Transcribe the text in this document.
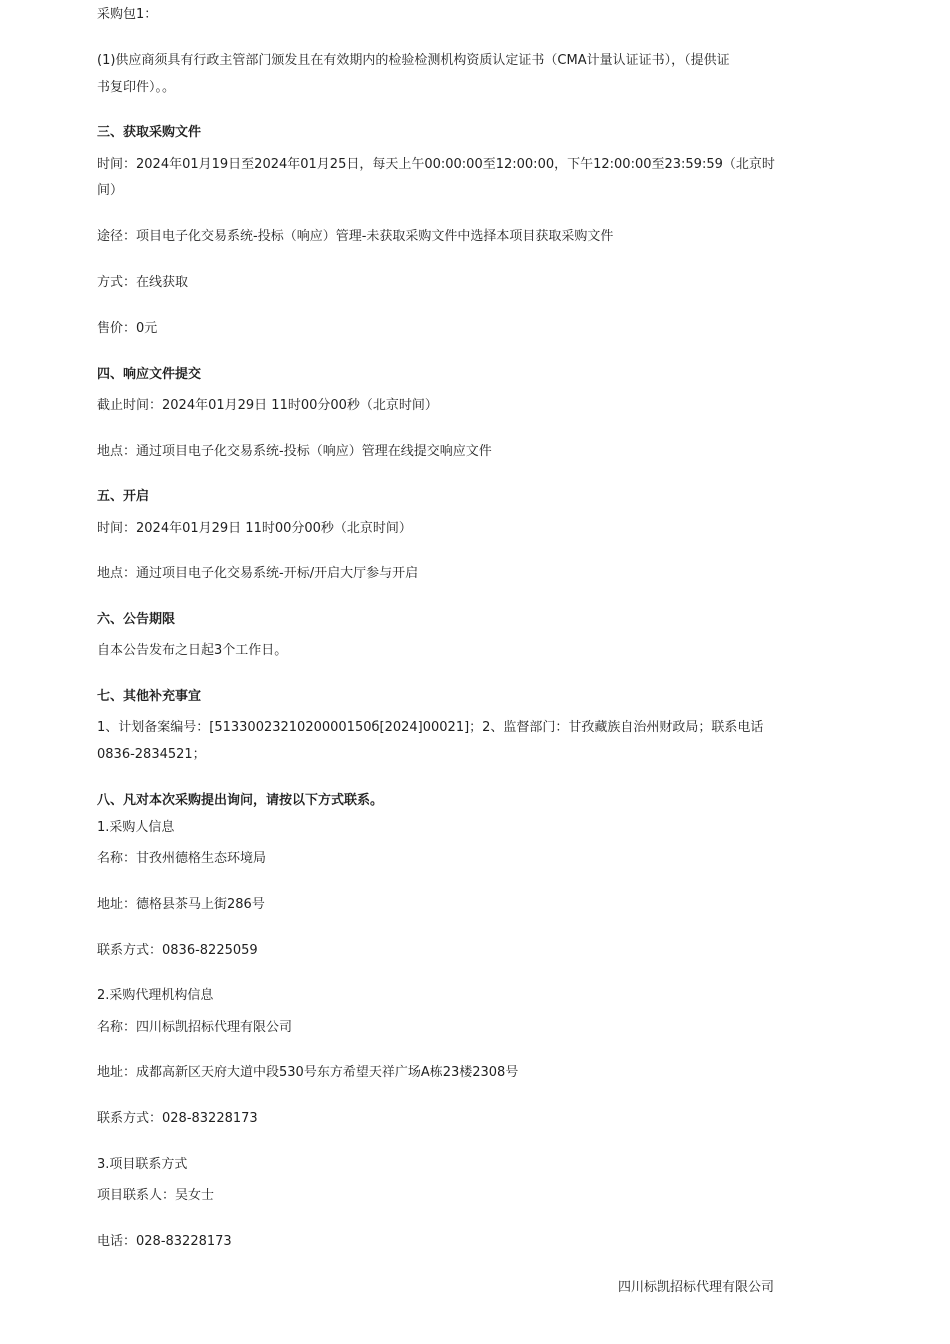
采购包1：
(1)供应商须具有行政主管部门颁发且在有效期内的检验检测机构资质认定证书（CMA计量认证证书），（提供证
书复印件）。。
三、获取采购文件
时间：2024年01月19日至2024年01月25日，每天上午00:00:00至12:00:00，下午12:00:00至23:59:59（北京时
间）
途径：项目电子化交易系统-投标（响应）管理-未获取采购文件中选择本项目获取采购文件
方式：在线获取
售价：0元
四、响应文件提交
截止时间：2024年01月29日 11时00分00秒（北京时间）
地点：通过项目电子化交易系统-投标（响应）管理在线提交响应文件
五、开启
时间：2024年01月29日 11时00分00秒（北京时间）
地点：通过项目电子化交易系统-开标/开启大厅参与开启
六、公告期限
自本公告发布之日起3个工作日。
七、其他补充事宜
1、计划备案编号：[5133002321020000150б[2024]00021]；2、监督部门：甘孜藏族自治州财政局；联系电话
0836-2834521；
八、凡对本次采购提出询问，请按以下方式联系。
1.采购人信息
名称：甘孜州德格生态环境局
地址：德格县茶马上街286号
联系方式：0836-8225059
2.采购代理机构信息
名称：四川标凯招标代理有限公司
地址：成都高新区天府大道中段530号东方希望天祥广场A栋23楼2308号
联系方式：028-83228173
3.项目联系方式
项目联系人：吴女士
电话：028-83228173
四川标凯招标代理有限公司
